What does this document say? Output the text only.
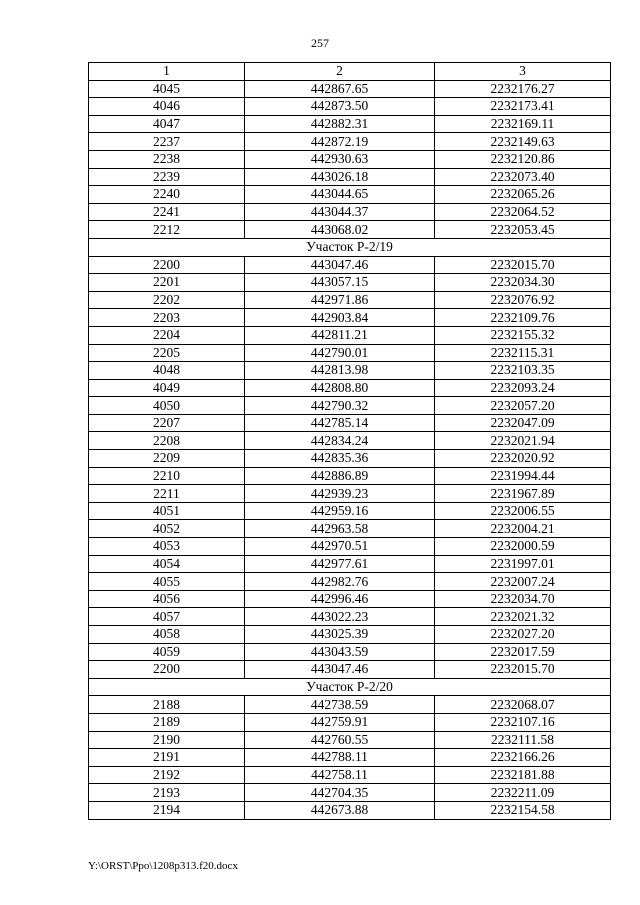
257
1	2	3
4045	442867.65	2232176.27
4046	442873.50	2232173.41
4047	442882.31	2232169.11
2237	442872.19	2232149.63
2238	442930.63	2232120.86
2239	443026.18	2232073.40
2240	443044.65	2232065.26
2241	443044.37	2232064.52
2212	443068.02	2232053.45
Участок Р-2/19		
2200	443047.46	2232015.70
2201	443057.15	2232034.30
2202	442971.86	2232076.92
2203	442903.84	2232109.76
2204	442811.21	2232155.32
2205	442790.01	2232115.31
4048	442813.98	2232103.35
4049	442808.80	2232093.24
4050	442790.32	2232057.20
2207	442785.14	2232047.09
2208	442834.24	2232021.94
2209	442835.36	2232020.92
2210	442886.89	2231994.44
2211	442939.23	2231967.89
4051	442959.16	2232006.55
4052	442963.58	2232004.21
4053	442970.51	2232000.59
4054	442977.61	2231997.01
4055	442982.76	2232007.24
4056	442996.46	2232034.70
4057	443022.23	2232021.32
4058	443025.39	2232027.20
4059	443043.59	2232017.59
2200	443047.46	2232015.70
Участок Р-2/20		
2188	442738.59	2232068.07
2189	442759.91	2232107.16
2190	442760.55	2232111.58
2191	442788.11	2232166.26
2192	442758.11	2232181.88
2193	442704.35	2232211.09
2194	442673.88	2232154.58
Y:\ORST\Ppo\1208p313.f20.docx
